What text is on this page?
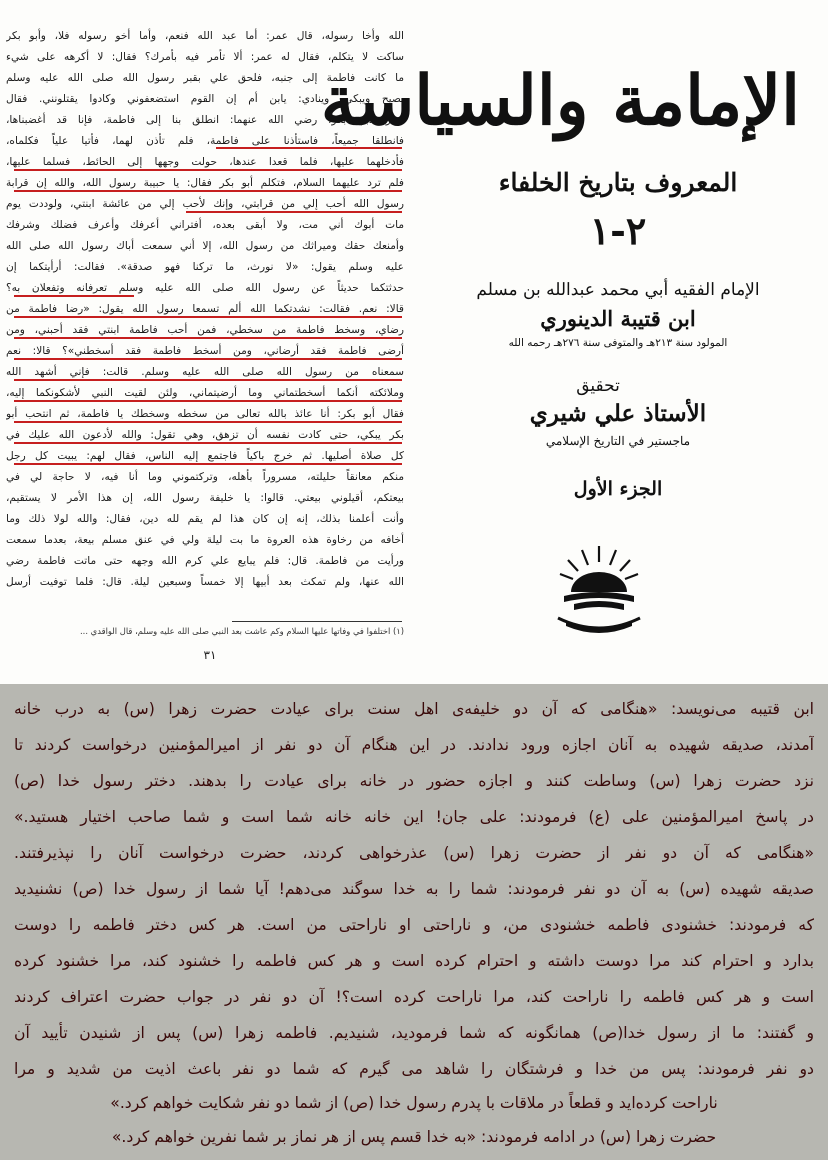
الله وأخا رسوله، قال عمر: أما عبد الله فنعم، وأما أخو رسوله فلا، وأبو بكر
ساكت لا يتكلم، فقال له عمر: ألا تأمر فيه بأمرك؟ فقال: لا أكرهه على شيء
ما كانت فاطمة إلى جنبه، فلحق علي بقبر رسول الله صلى الله عليه وسلم
يصيح ويبكي، وينادي: يابن أم إن القوم استضعفوني وكادوا يقتلونني. فقال
عمر لأبي بكر، رضي الله عنهما: انطلق بنا إلى فاطمة، فإنا قد أغضبناها،
فانطلقا جميعاً، فاستأذنا على فاطمة، فلم تأذن لهما، فأتيا علياً فكلماه،
فأدخلهما عليها، فلما قعدا عندها، حولت وجهها إلى الحائط، فسلما عليها،
فلم ترد عليهما السلام، فتكلم أبو بكر فقال: يا حبيبة رسول الله، والله إن قرابة
رسول الله أحب إلي من قرابتي، وإنك لأحب إلي من عائشة ابنتي، ولوددت يوم
مات أبوك أني مت، ولا أبقى بعده، أفتراني أعرفك وأعرف فضلك وشرفك
وأمنعك حقك وميراثك من رسول الله، إلا أني سمعت أباك رسول الله صلى الله
عليه وسلم يقول: «لا نورث، ما تركنا فهو صدقة». فقالت: أرأيتكما إن
حدثتكما حديثاً عن رسول الله صلى الله عليه وسلم تعرفانه وتفعلان به؟
قالا: نعم. فقالت: نشدتكما الله ألم تسمعا رسول الله يقول: «رضا فاطمة من
رضاي، وسخط فاطمة من سخطي، فمن أحب فاطمة ابنتي فقد أحبني، ومن
أرضى فاطمة فقد أرضاني، ومن أسخط فاطمة فقد أسخطني»؟ قالا: نعم
سمعناه من رسول الله صلى الله عليه وسلم. قالت: فإني أشهد الله
وملائكته أنكما أسخطتماني وما أرضيتماني، ولئن لقيت النبي لأشكونكما إليه،
فقال أبو بكر: أنا عائذ بالله تعالى من سخطه وسخطك يا فاطمة، ثم انتحب أبو
بكر يبكي، حتى كادت نفسه أن تزهق، وهي تقول: والله لأدعون الله عليك في
كل صلاة أصليها. ثم خرج باكياً فاجتمع إليه الناس، فقال لهم: يبيت كل رجل
منكم معانقاً حليلته، مسروراً بأهله، وتركتموني وما أنا فيه، لا حاجة لي في
بيعتكم، أقيلوني بيعتي. قالوا: يا خليفة رسول الله، إن هذا الأمر لا يستقيم،
وأنت أعلمنا بذلك، إنه إن كان هذا لم يقم لله دين، فقال: والله لولا ذلك وما
أخافه من رخاوة هذه العروة ما بت ليلة ولي في عنق مسلم بيعة، بعدما سمعت
ورأيت من فاطمة. قال: فلم يبايع علي كرم الله وجهه حتى ماتت فاطمة رضي
الله عنها، ولم تمكث بعد أبيها إلا خمساً وسبعين ليلة. قال: فلما توفيت أرسل
(١) اختلفوا في وفاتها عليها السلام وكم عاشت بعد النبي صلى الله عليه وسلم، قال الواقدي ...
٣١
الإمامة والسياسة
المعروف بتاريخ الخلفاء
٢-١
الإمام الفقيه أبي محمد عبدالله بن مسلم
ابن قتيبة الدينوري
المولود سنة ٢١٣هـ والمتوفى سنة ٢٧٦هـ رحمه الله
تحقيق
الأستاذ علي شيري
ماجستير في التاريخ الإسلامي
الجزء الأول
ابن قتیبه می‌نویسد: «هنگامی که آن دو خلیفه‌ی اهل سنت برای عیادت حضرت زهرا (س) به درب خانه
آمدند، صدیقه شهیده به آنان اجازه ورود ندادند. در این هنگام آن دو نفر از امیرالمؤمنین درخواست کردند تا
نزد حضرت زهرا (س) وساطت کنند و اجازه حضور در خانه برای عیادت را بدهند. دختر رسول خدا (ص)
در پاسخ امیرالمؤمنین علی (ع) فرمودند: علی جان! این خانه خانه شما است و شما صاحب اختیار هستید.»
«هنگامی که آن دو نفر از حضرت زهرا (س) عذرخواهی کردند، حضرت درخواست آنان را نپذیرفتند.
صدیقه شهیده (س) به آن دو نفر فرمودند: شما را به خدا سوگند می‌دهم! آیا شما از رسول خدا (ص) نشنیدید
که فرمودند: خشنودی فاطمه خشنودی من، و ناراحتی او ناراحتی من است. هر کس دختر فاطمه را دوست
بدارد و احترام کند مرا دوست داشته و احترام کرده است و هر کس فاطمه را خشنود کند، مرا خشنود کرده
است و هر کس فاطمه را ناراحت کند، مرا ناراحت کرده است؟! آن دو نفر در جواب حضرت اعتراف کردند
و گفتند: ما از رسول خدا(ص) همانگونه که شما فرمودید، شنیدیم. فاطمه زهرا (س) پس از شنیدن تأیید آن
دو نفر فرمودند: پس من خدا و فرشتگان را شاهد می گیرم که شما دو نفر باعث اذیت من شدید و مرا
ناراحت کرده‌اید و قطعاً در ملاقات با پدرم رسول خدا (ص) از شما دو نفر شکایت خواهم کرد.»
حضرت زهرا (س) در ادامه فرمودند: «به خدا قسم پس از هر نماز بر شما نفرین خواهم کرد.»
